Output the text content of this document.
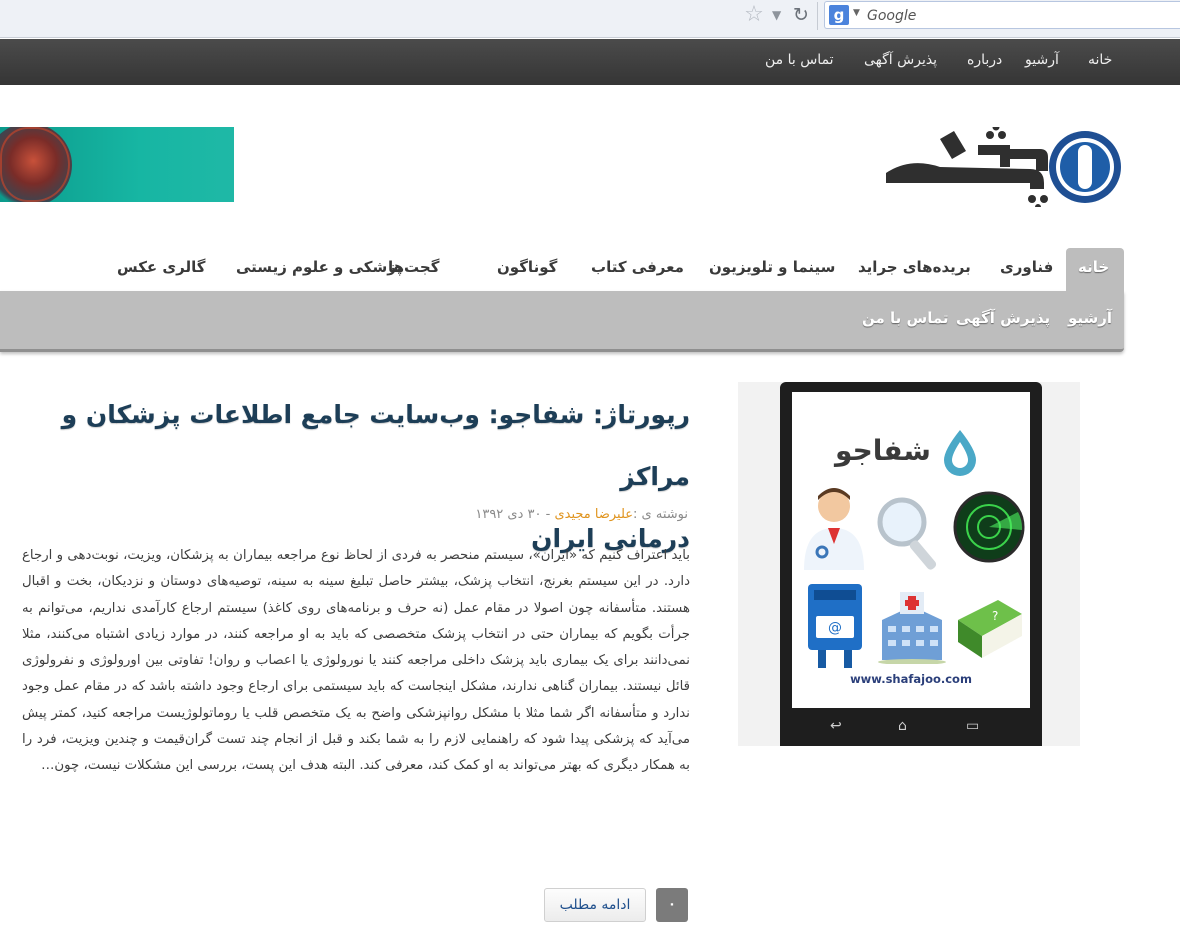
☆ ▼ ↻	g ▼
Google
خانه
آرشیو
درباره
پذیرش آگهی
تماس با من
خانه
فناوری
بریده‌های جراید
سینما و تلویزیون
معرفی کتاب
گوناگون
گجت‌ها
پزشکی و علوم زیستی
گالری عکس
آرشیو
پذیرش آگهی
تماس با من
رپورتاژ: شفاجو: وب‌سایت جامع اطلاعات پزشکان و مراکز
درمانی ایران
نوشته ی :علیرضا مجیدی - ۳۰ دی ۱۳۹۲

باید اعتراف کنیم که «ایران»، سیستم منحصر به فردی از لحاظ نوع مراجعه بیماران به پزشکان، ویزیت، نوبت‌دهی و ارجاع دارد. در این سیستم بغرنج، انتخاب پزشک، بیشتر حاصل تبلیغ سینه به سینه، توصیه‌های دوستان و نزدیکان، بخت و اقبال هستند. متأسفانه چون اصولا در مقام عمل (نه حرف و برنامه‌های روی کاغذ) سیستم ارجاع کارآمدی نداریم، می‌توانم به جرأت بگویم که بیماران حتی در انتخاب پزشک متخصصی که باید به او مراجعه کنند، در موارد زیادی اشتباه می‌کنند، مثلا نمی‌دانند برای یک بیماری باید پزشک داخلی مراجعه کنند یا نورولوژی یا اعصاب و روان! تفاوتی بین اورولوژی و نفرولوژی قائل نیستند. بیماران گناهی ندارند، مشکل اینجاست که باید سیستمی برای ارجاع وجود داشته باشد که در مقام عمل وجود ندارد و متأسفانه اگر شما مثلا با مشکل روانپزشکی واضح به یک متخصص قلب یا روماتولوژیست مراجعه کنید، کمتر پیش می‌آید که پزشکی پیدا شود که راهنمایی لازم را به شما بکند و قبل از انجام چند تست گران‌قیمت و چندین ویزیت، فرد را به همکار دیگری که بهتر می‌تواند به او کمک کند، معرفی کند. البته هدف این پست، بررسی این مشکلات نیست، چون…

ادامه مطلب	۰
شفاجو
@
?
www.shafajoo.com
↩	⌂	▭
